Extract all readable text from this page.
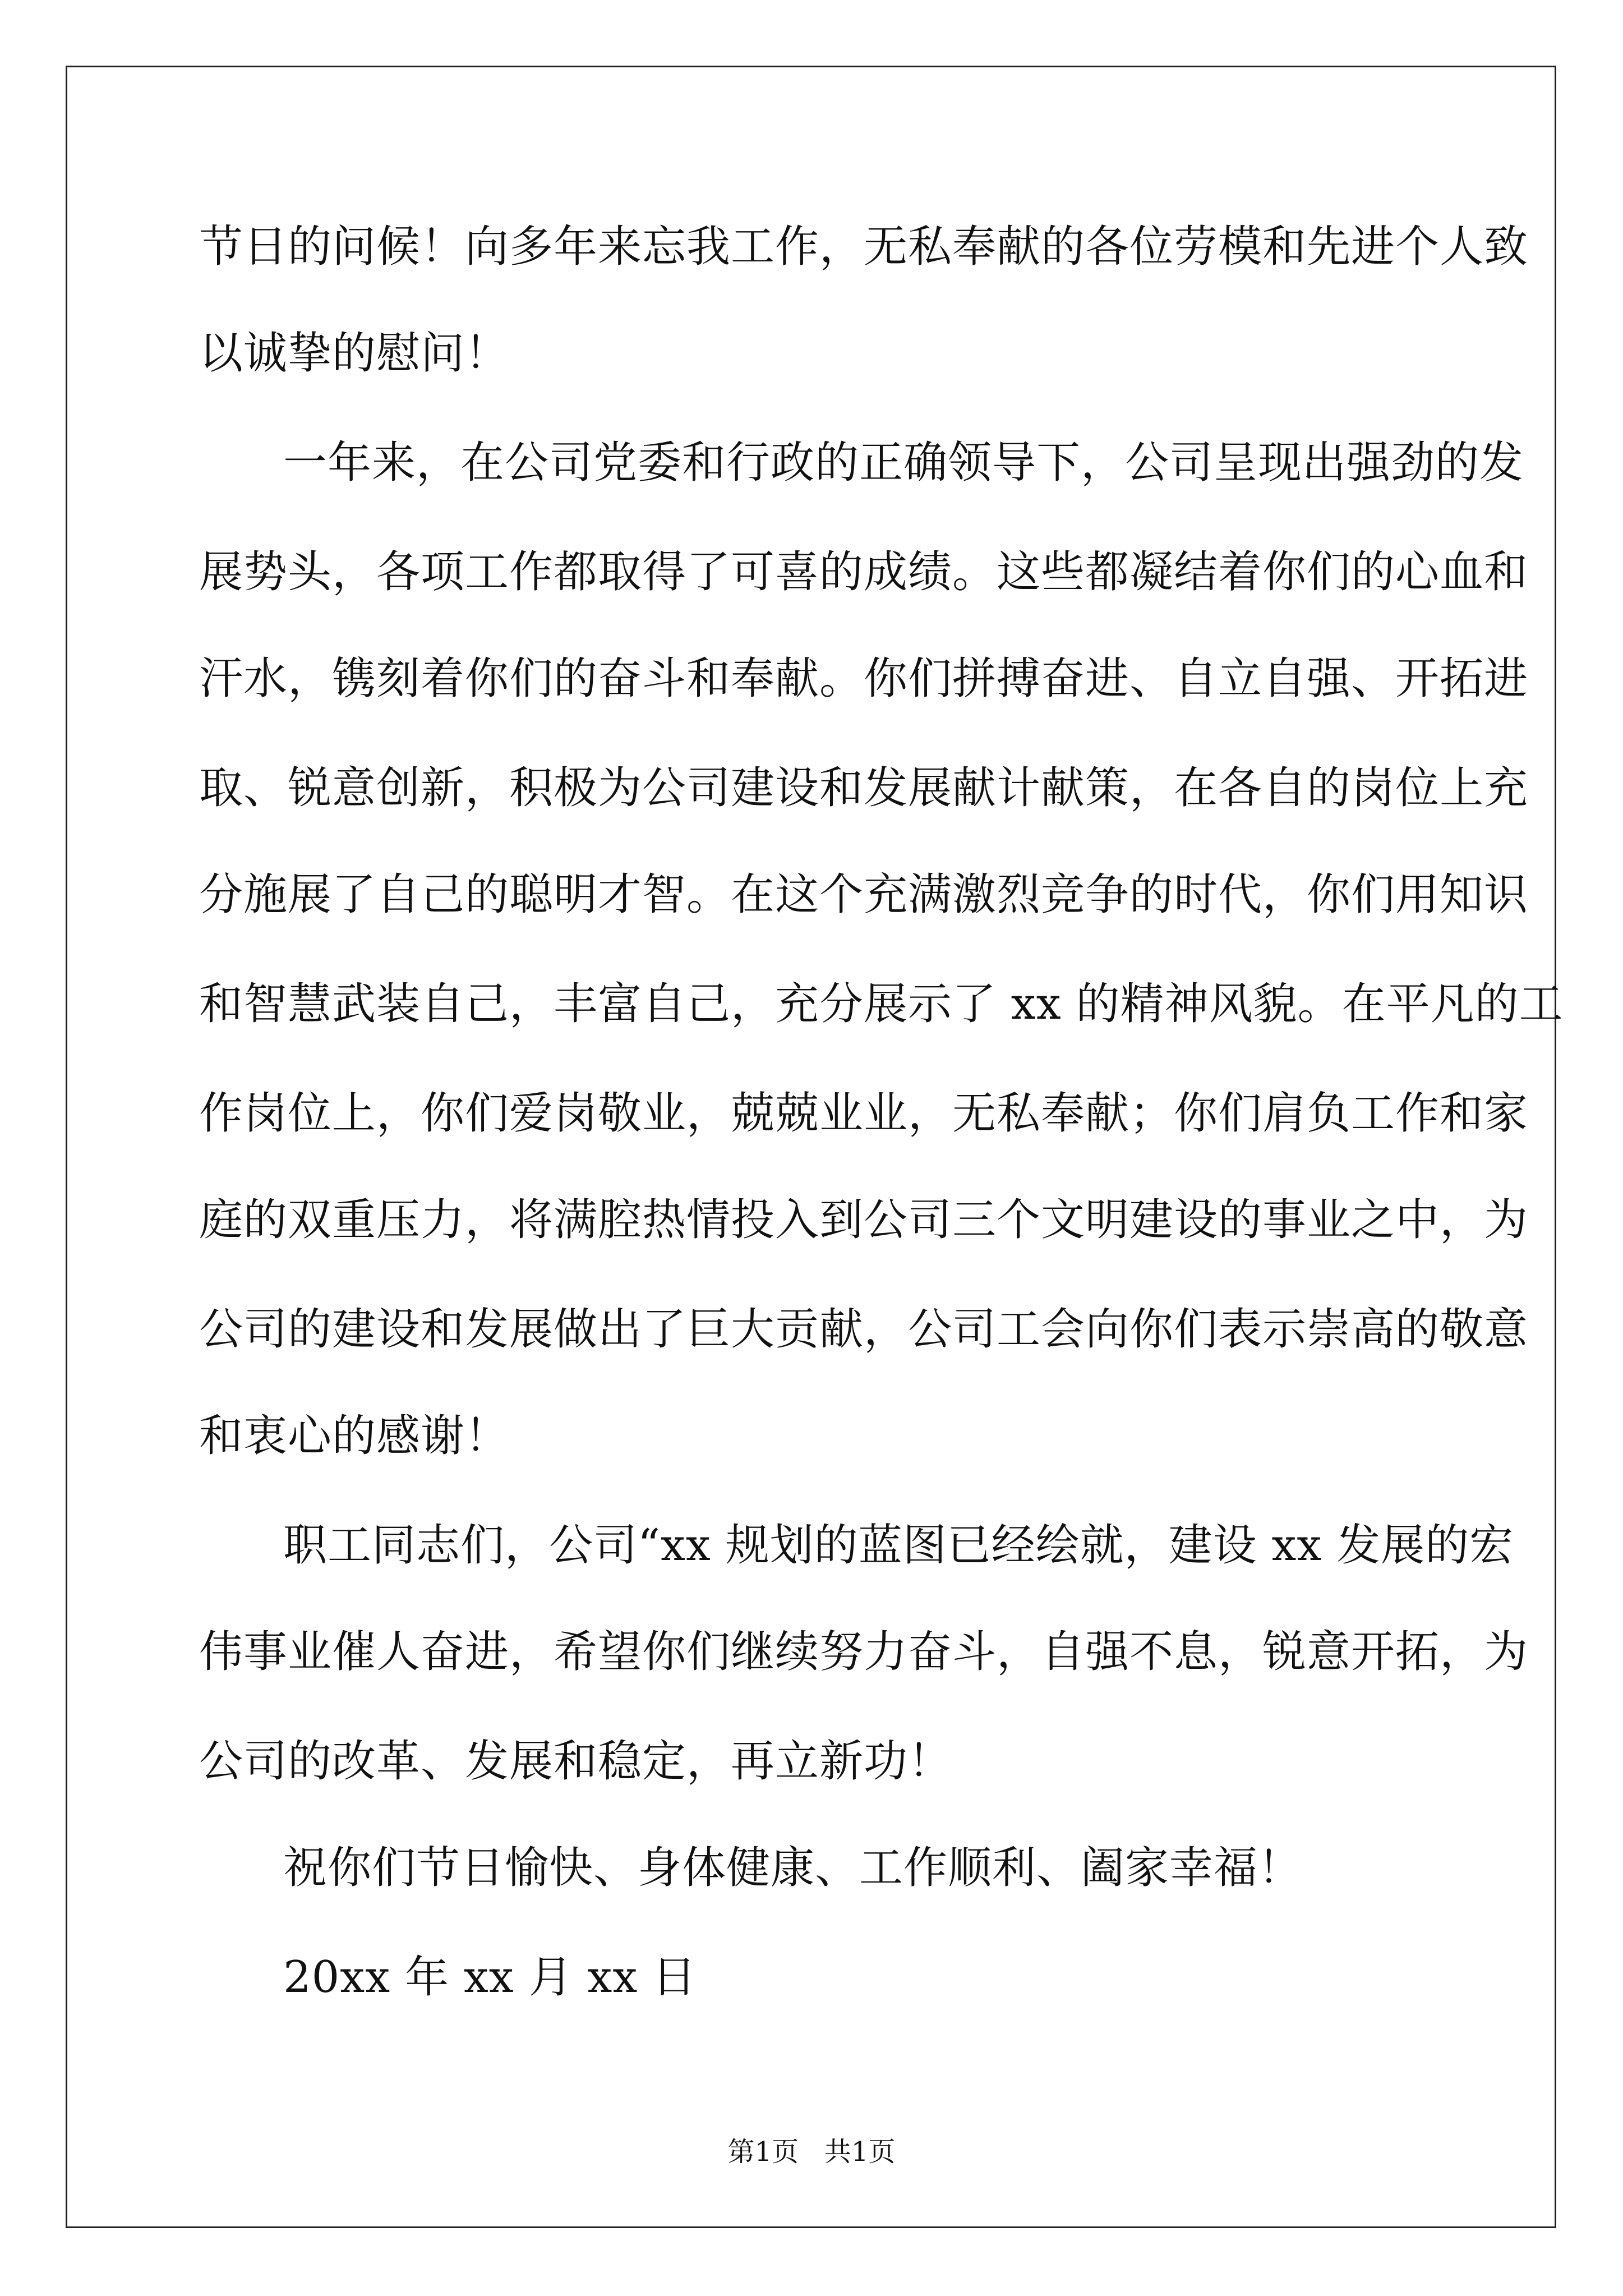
节日的问候！向多年来忘我工作，无私奉献的各位劳模和先进个人致
以诚挚的慰问！
一年来，在公司党委和行政的正确领导下，公司呈现出强劲的发
展势头，各项工作都取得了可喜的成绩。这些都凝结着你们的心血和
汗水，镌刻着你们的奋斗和奉献。你们拼搏奋进、自立自强、开拓进
取、锐意创新，积极为公司建设和发展献计献策，在各自的岗位上充
分施展了自己的聪明才智。在这个充满激烈竞争的时代，你们用知识
和智慧武装自己，丰富自己，充分展示了 xx 的精神风貌。在平凡的工
作岗位上，你们爱岗敬业，兢兢业业，无私奉献；你们肩负工作和家
庭的双重压力，将满腔热情投入到公司三个文明建设的事业之中，为
公司的建设和发展做出了巨大贡献，公司工会向你们表示崇高的敬意
和衷心的感谢！
职工同志们，公司“xx 规划的蓝图已经绘就，建设 xx 发展的宏
伟事业催人奋进，希望你们继续努力奋斗，自强不息，锐意开拓，为
公司的改革、发展和稳定，再立新功！
祝你们节日愉快、身体健康、工作顺利、阖家幸福！
20xx 年 xx 月 xx 日
第1页   共1页
